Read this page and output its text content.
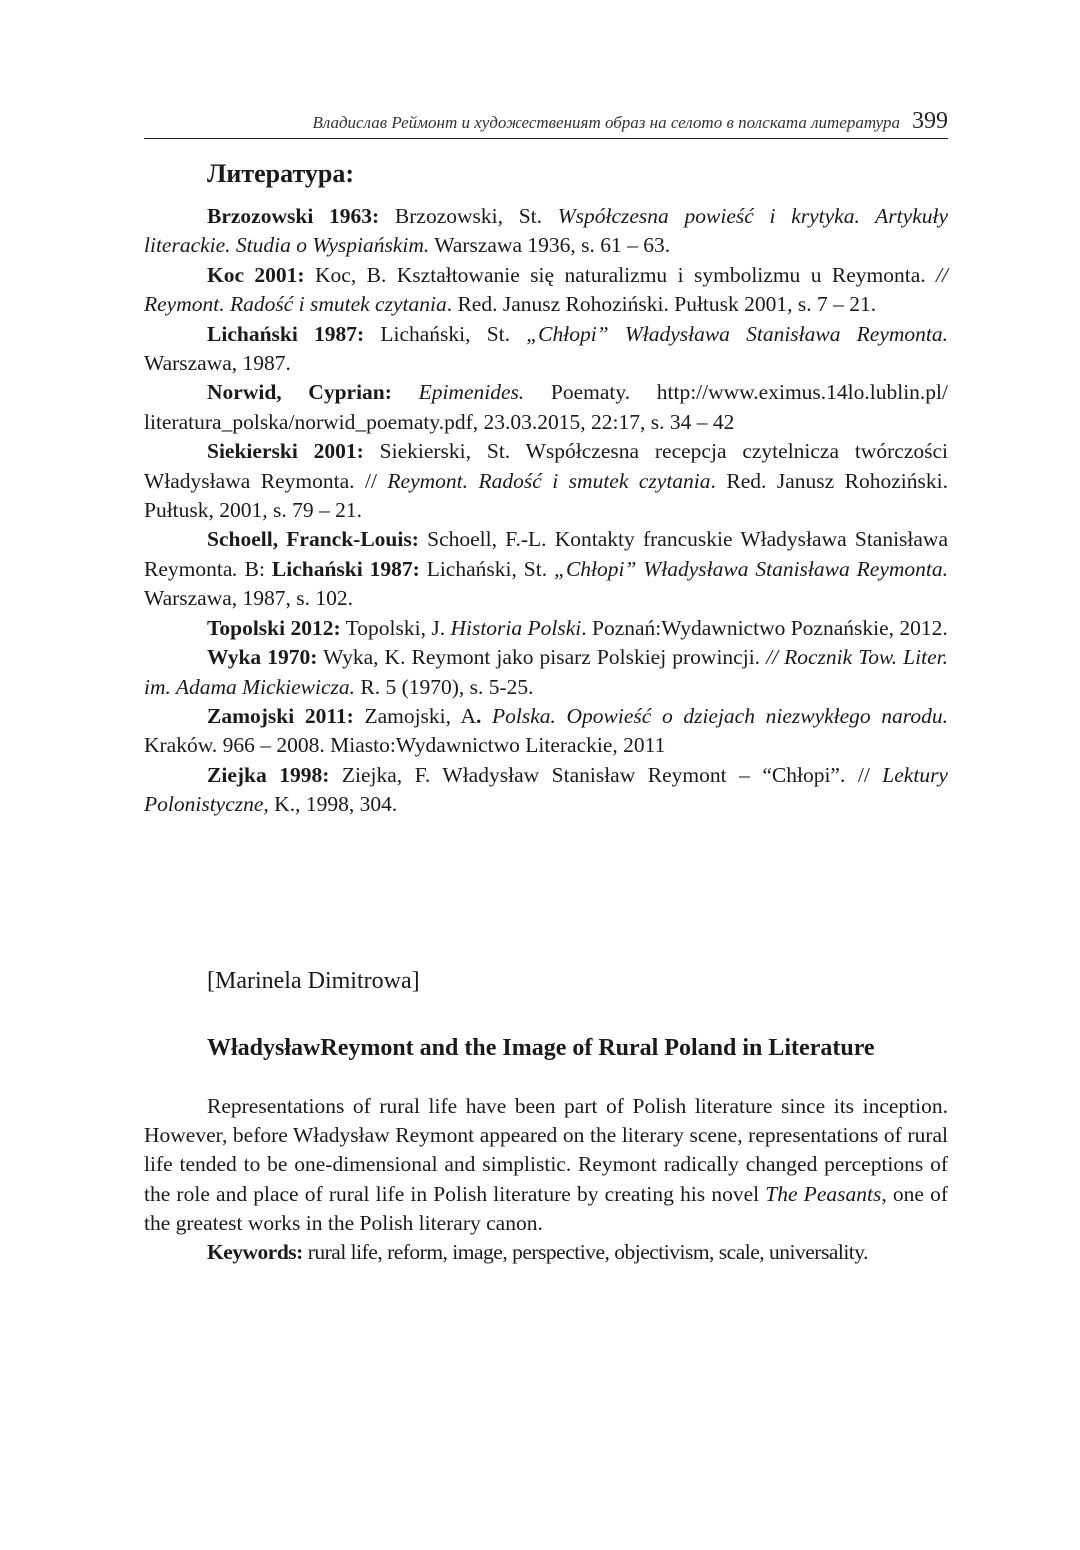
Владислав Реймонт и художественият образ на селото в полската литература 399
Литература:

Brzozowski 1963: Brzozowski, St. Współczesna powieść i krytyka. Artykuły literackie. Studia o Wyspiańskim. Warszawa 1936, s. 61 – 63.

Koc 2001: Koc, B. Kształtowanie się naturalizmu i symbolizmu u Reymonta. // Reymont. Radość i smutek czytania. Red. Janusz Rohoziński. Pułtusk 2001, s. 7 – 21.

Lichański 1987: Lichański, St. „Chłopi” Władysława Stanisława Reymonta. Warszawa, 1987.

Norwid, Cyprian: Epimenides. Poematy. http://www.eximus.14lo.lublin.pl/ literatura_polska/norwid_poematy.pdf, 23.03.2015, 22:17, s. 34 – 42

Siekierski 2001: Siekierski, St. Współczesna recepcja czytelnicza twórczości Władysława Reymonta. // Reymont. Radość i smutek czytania. Red. Janusz Rohoziński. Pułtusk, 2001, s. 79 – 21.

Schoell, Franck-Louis: Schoell, F.-L. Kontakty francuskie Władysława Stanisława Reymonta. B: Lichański 1987: Lichański, St. „Chłopi” Władysława Stanisława Reymonta. Warszawa, 1987, s. 102.

Topolski 2012: Topolski, J. Historia Polski. Poznań:Wydawnictwo Poznańskie, 2012.

Wyka 1970: Wyka, K. Reymont jako pisarz Polskiej prowincji. // Rocznik Tow. Liter. im. Adama Mickiewicza. R. 5 (1970), s. 5-25.

Zamojski 2011: Zamojski, A. Polska. Opowieść o dziejach niezwykłego narodu. Kraków. 966 – 2008. Miasto:Wydawnictwo Literackie, 2011

Ziejka 1998: Ziejka, F. Władysław Stanisław Reymont – “Chłopi”. // Lektury Polonistyczne, K., 1998, 304.

[Marinela Dimitrowa]
WładysławReymont and the Image of Rural Poland in Literature

Representations of rural life have been part of Polish literature since its inception. However, before Władysław Reymont appeared on the literary scene, representations of rural life tended to be one-dimensional and simplistic. Reymont radically changed perceptions of the role and place of rural life in Polish literature by creating his novel The Peasants, one of the greatest works in the Polish literary canon.

Keywords: rural life, reform, image, perspective, objectivism, scale, universality.
